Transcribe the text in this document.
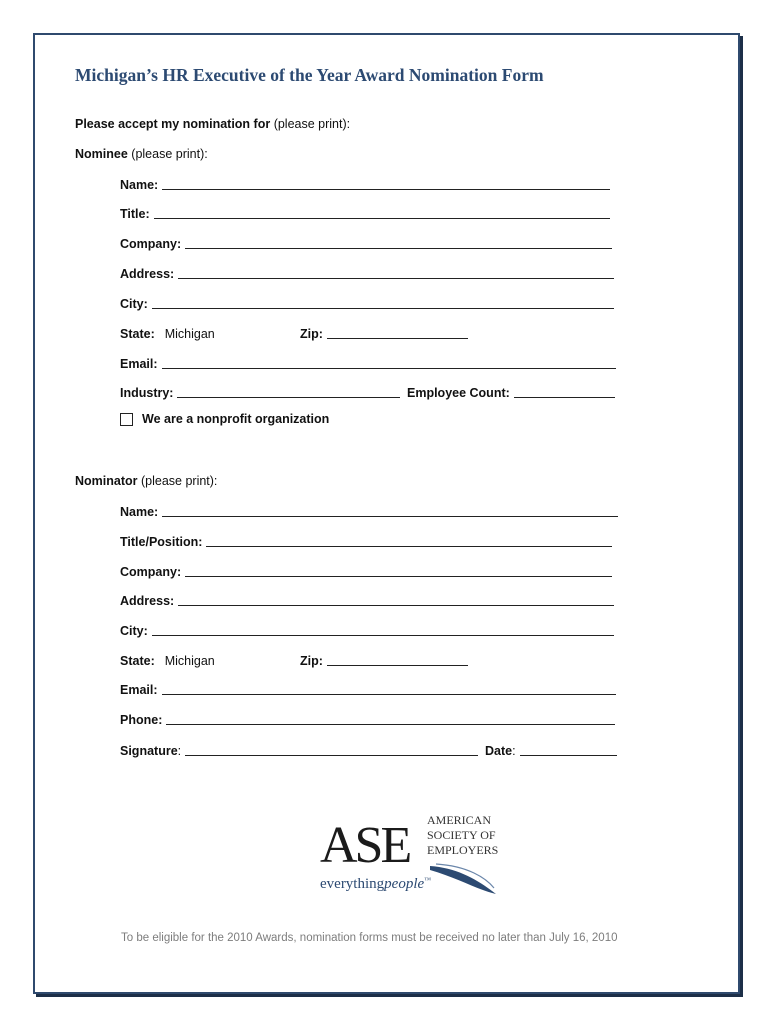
Michigan’s HR Executive of the Year Award Nomination Form
Please accept my nomination for (please print):
Nominee (please print):
Name:
Title:
Company:
Address:
City:
State: Michigan	Zip:
Email:
Industry:	Employee Count:
We are a nonprofit organization
Nominator (please print):
Name:
Title/Position:
Company:
Address:
City:
State: Michigan	Zip:
Email:
Phone:
Signature:	Date:
ASE AMERICAN
SOCIETY OF
EMPLOYERS
everythingpeople™
To be eligible for the 2010 Awards, nomination forms must be received no later than July 16, 2010
